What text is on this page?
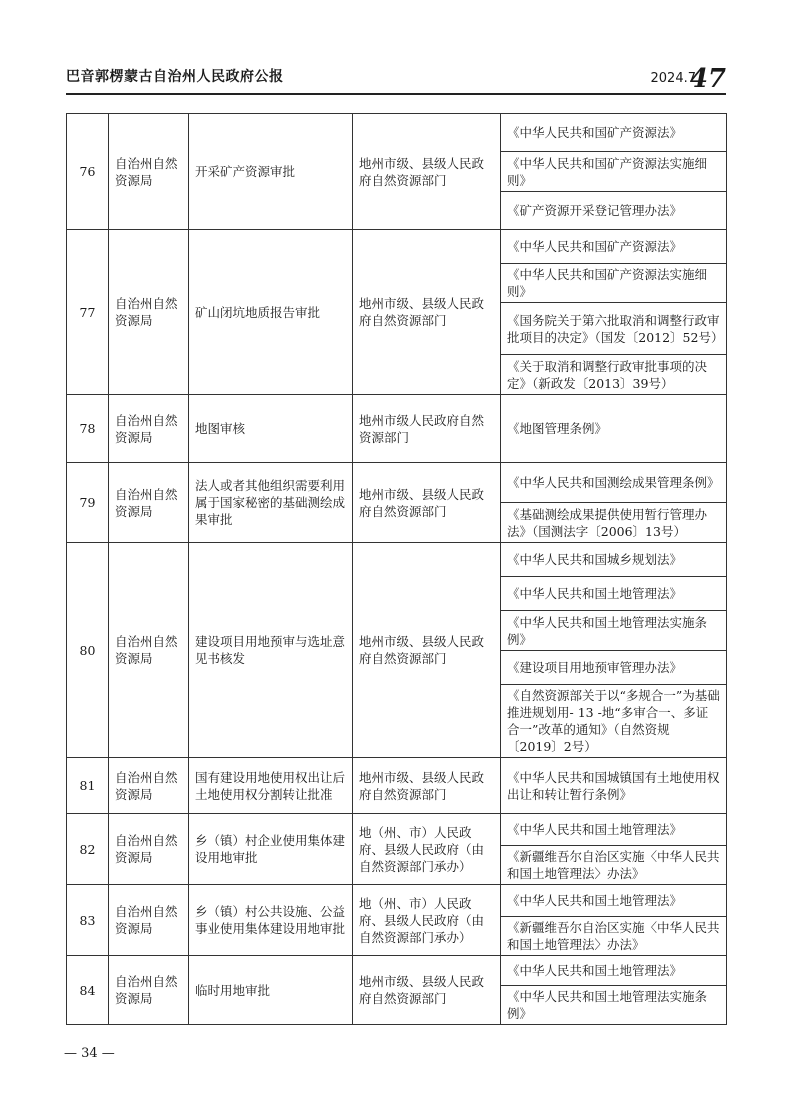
巴音郭楞蒙古自治州人民政府公报	2024.7
47
76	自治州自然资源局	开采矿产资源审批	地州市级、县级人民政府自然资源部门	《中华人民共和国矿产资源法》
				《中华人民共和国矿产资源法实施细则》
				《矿产资源开采登记管理办法》
77	自治州自然资源局	矿山闭坑地质报告审批	地州市级、县级人民政府自然资源部门	《中华人民共和国矿产资源法》
				《中华人民共和国矿产资源法实施细则》
				《国务院关于第六批取消和调整行政审批项目的决定》（国发〔2012〕52号）
				《关于取消和调整行政审批事项的决定》（新政发〔2013〕39号）
78	自治州自然资源局	地图审核	地州市级人民政府自然资源部门	《地图管理条例》
79	自治州自然资源局	法人或者其他组织需要利用属于国家秘密的基础测绘成果审批	地州市级、县级人民政府自然资源部门	《中华人民共和国测绘成果管理条例》
				《基础测绘成果提供使用暂行管理办法》（国测法字〔2006〕13号）
80	自治州自然资源局	建设项目用地预审与选址意见书核发	地州市级、县级人民政府自然资源部门	《中华人民共和国城乡规划法》
				《中华人民共和国土地管理法》
				《中华人民共和国土地管理法实施条例》
				《建设项目用地预审管理办法》
				《自然资源部关于以“多规合一”为基础推进规划用- 13 -地“多审合一、多证合一”改革的通知》（自然资规〔2019〕2号）
81	自治州自然资源局	国有建设用地使用权出让后土地使用权分割转让批准	地州市级、县级人民政府自然资源部门	《中华人民共和国城镇国有土地使用权出让和转让暂行条例》
82	自治州自然资源局	乡（镇）村企业使用集体建设用地审批	地（州、市）人民政府、县级人民政府（由自然资源部门承办）	《中华人民共和国土地管理法》
				《新疆维吾尔自治区实施〈中华人民共和国土地管理法〉办法》
83	自治州自然资源局	乡（镇）村公共设施、公益事业使用集体建设用地审批	地（州、市）人民政府、县级人民政府（由自然资源部门承办）	《中华人民共和国土地管理法》
				《新疆维吾尔自治区实施〈中华人民共和国土地管理法〉办法》
84	自治州自然资源局	临时用地审批	地州市级、县级人民政府自然资源部门	《中华人民共和国土地管理法》
				《中华人民共和国土地管理法实施条例》
— 34 —
